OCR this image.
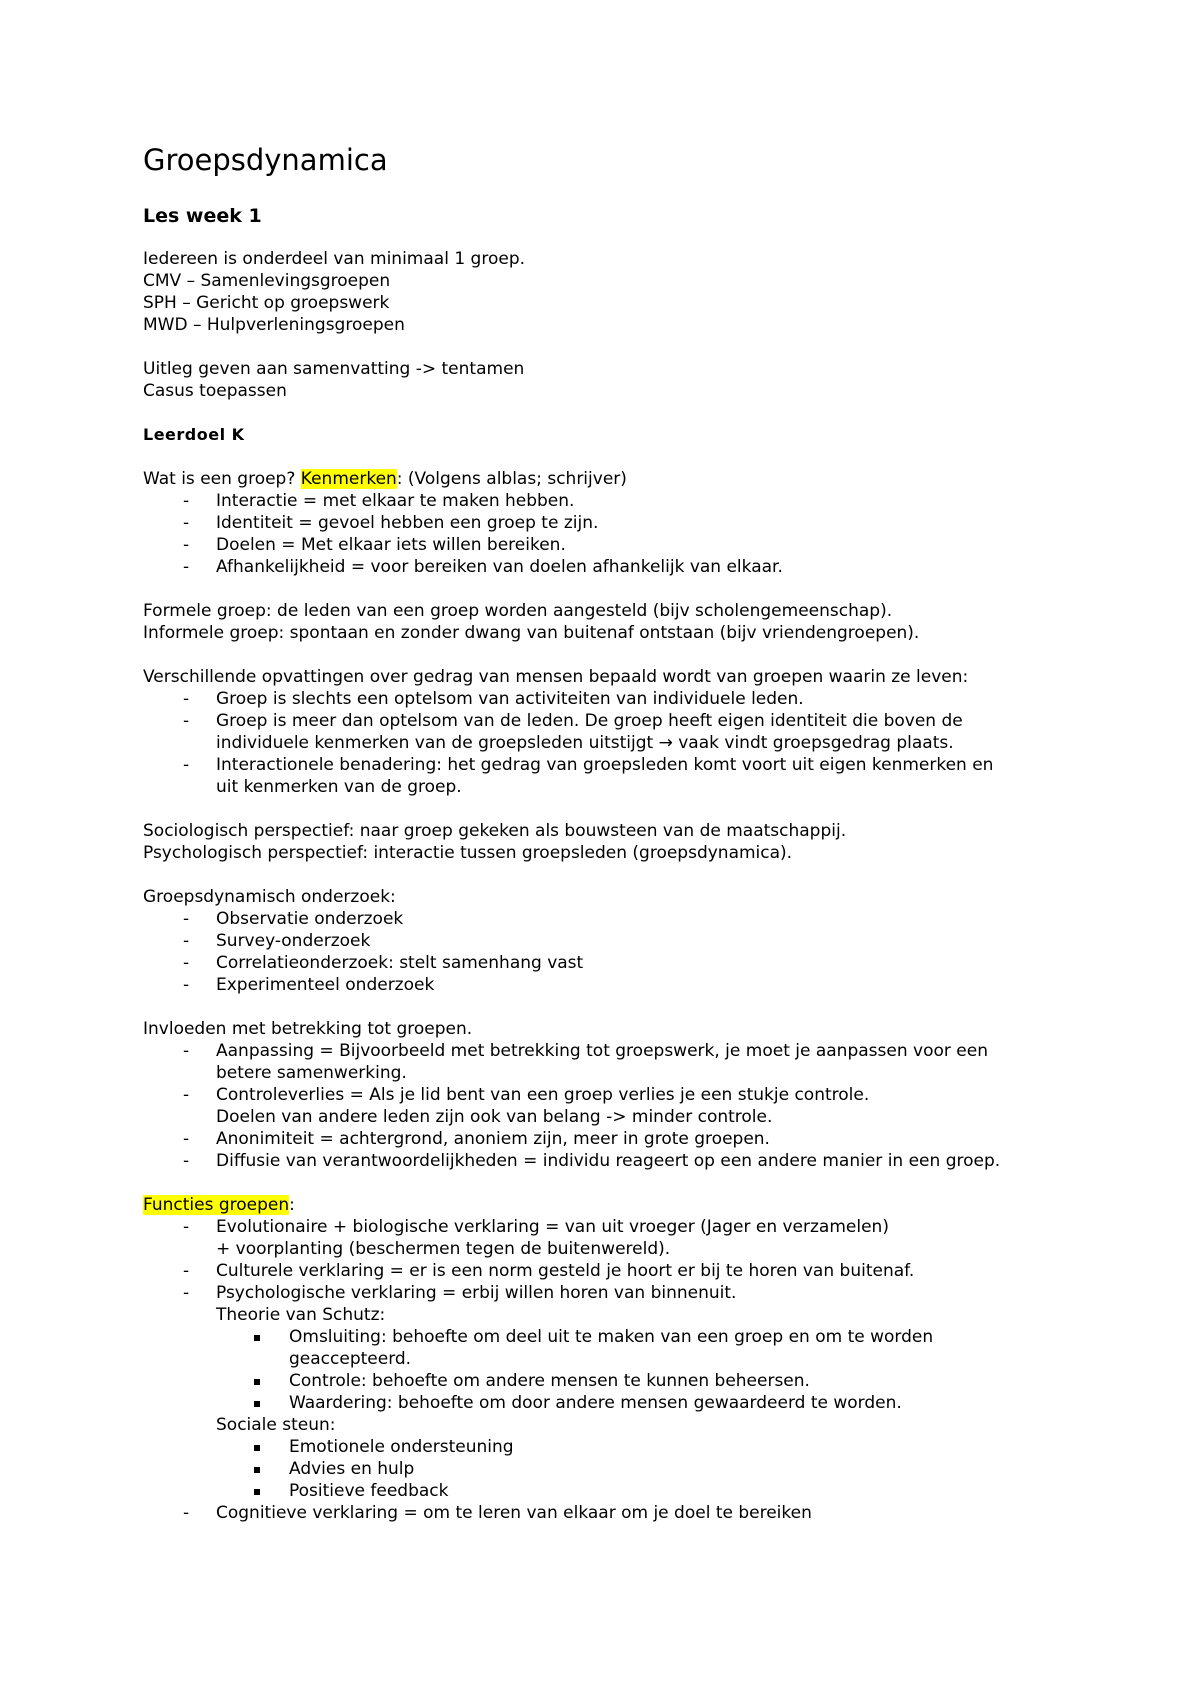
Groepsdynamica
Les week 1
Iedereen is onderdeel van minimaal 1 groep.
CMV – Samenlevingsgroepen
SPH – Gericht op groepswerk
MWD – Hulpverleningsgroepen
Uitleg geven aan samenvatting -> tentamen
Casus toepassen
Leerdoel K
Wat is een groep? Kenmerken: (Volgens alblas; schrijver)
- Interactie = met elkaar te maken hebben.
- Identiteit = gevoel hebben een groep te zijn.
- Doelen = Met elkaar iets willen bereiken.
- Afhankelijkheid = voor bereiken van doelen afhankelijk van elkaar.
Formele groep: de leden van een groep worden aangesteld (bijv scholengemeenschap).
Informele groep: spontaan en zonder dwang van buitenaf ontstaan (bijv vriendengroepen).
Verschillende opvattingen over gedrag van mensen bepaald wordt van groepen waarin ze leven:
- Groep is slechts een optelsom van activiteiten van individuele leden.
- Groep is meer dan optelsom van de leden. De groep heeft eigen identiteit die boven de
individuele kenmerken van de groepsleden uitstijgt → vaak vindt groepsgedrag plaats.
- Interactionele benadering: het gedrag van groepsleden komt voort uit eigen kenmerken en
uit kenmerken van de groep.
Sociologisch perspectief: naar groep gekeken als bouwsteen van de maatschappij.
Psychologisch perspectief: interactie tussen groepsleden (groepsdynamica).
Groepsdynamisch onderzoek:
- Observatie onderzoek
- Survey-onderzoek
- Correlatieonderzoek: stelt samenhang vast
- Experimenteel onderzoek
Invloeden met betrekking tot groepen.
- Aanpassing = Bijvoorbeeld met betrekking tot groepswerk, je moet je aanpassen voor een
betere samenwerking.
- Controleverlies = Als je lid bent van een groep verlies je een stukje controle.
Doelen van andere leden zijn ook van belang -> minder controle.
- Anonimiteit = achtergrond, anoniem zijn, meer in grote groepen.
- Diffusie van verantwoordelijkheden = individu reageert op een andere manier in een groep.
Functies groepen:
- Evolutionaire + biologische verklaring = van uit vroeger (Jager en verzamelen)
+ voorplanting (beschermen tegen de buitenwereld).
- Culturele verklaring = er is een norm gesteld je hoort er bij te horen van buitenaf.
- Psychologische verklaring = erbij willen horen van binnenuit.
Theorie van Schutz:
Omsluiting: behoefte om deel uit te maken van een groep en om te worden
geaccepteerd.
Controle: behoefte om andere mensen te kunnen beheersen.
Waardering: behoefte om door andere mensen gewaardeerd te worden.
Sociale steun:
Emotionele ondersteuning
Advies en hulp
Positieve feedback
- Cognitieve verklaring = om te leren van elkaar om je doel te bereiken
